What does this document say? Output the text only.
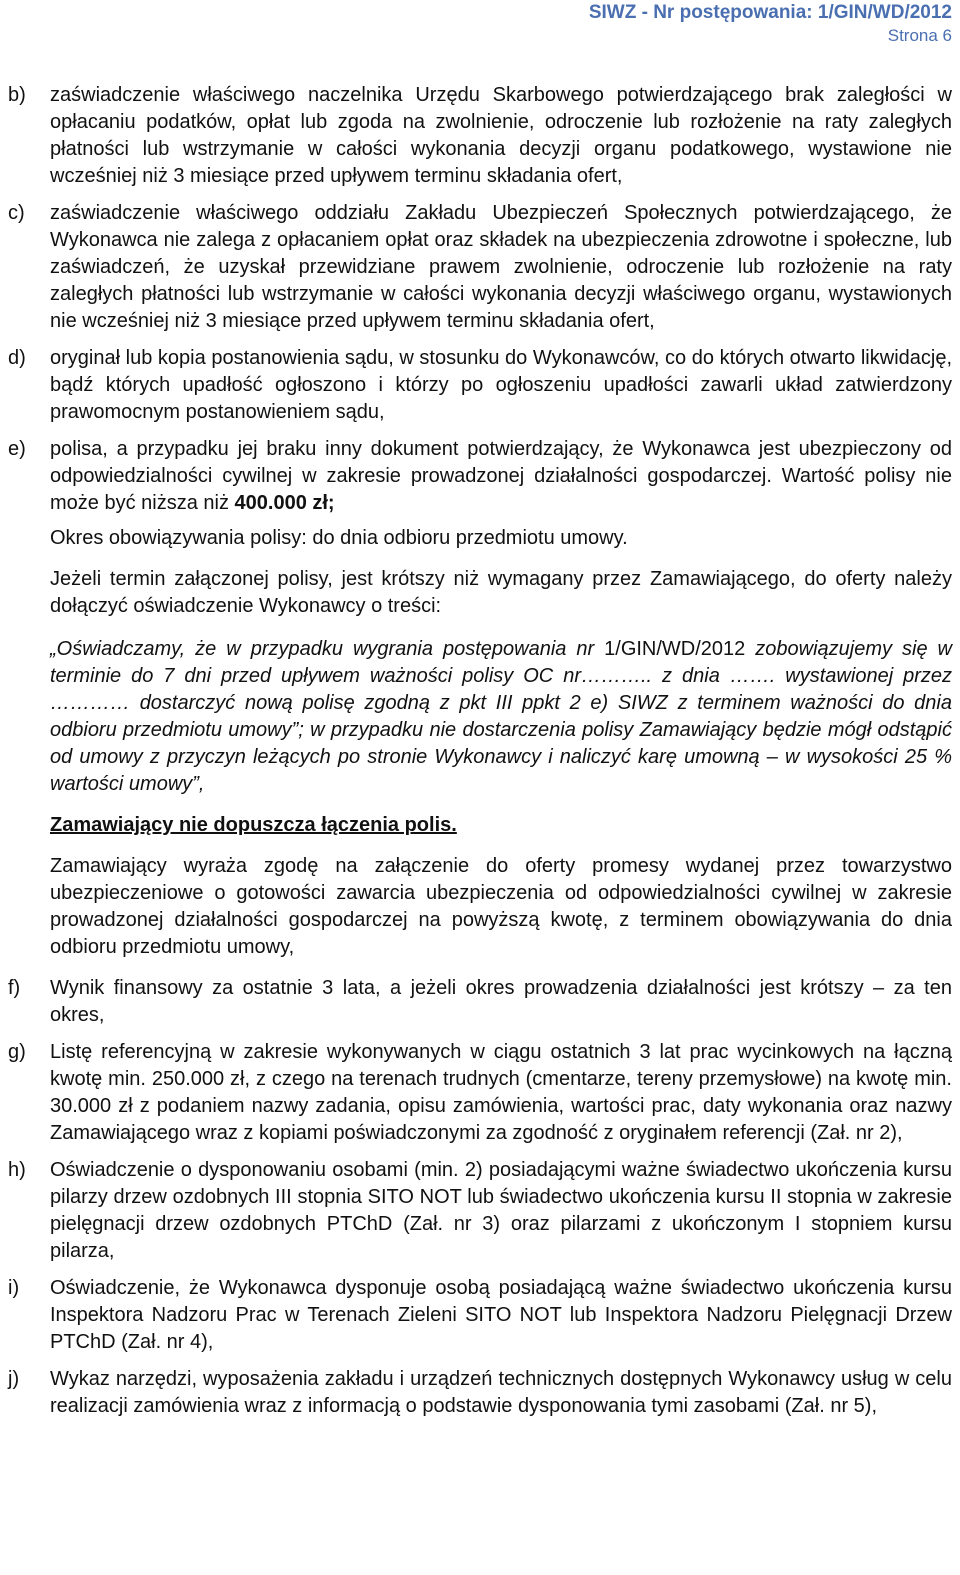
SIWZ - Nr postępowania: 1/GIN/WD/2012
Strona 6
b)	zaświadczenie właściwego naczelnika Urzędu Skarbowego potwierdzającego brak zaległości w opłacaniu podatków, opłat lub zgoda na zwolnienie, odroczenie lub rozłożenie na raty zaległych płatności lub wstrzymanie w całości wykonania decyzji organu podatkowego, wystawione nie wcześniej niż 3 miesiące przed upływem terminu składania ofert,
c)	zaświadczenie właściwego oddziału Zakładu Ubezpieczeń Społecznych potwierdzającego, że Wykonawca nie zalega z opłacaniem opłat oraz składek na ubezpieczenia zdrowotne i społeczne, lub zaświadczeń, że uzyskał przewidziane prawem zwolnienie, odroczenie lub rozłożenie na raty zaległych płatności lub wstrzymanie w całości wykonania decyzji właściwego organu, wystawionych nie wcześniej niż 3 miesiące przed upływem terminu składania ofert,
d)	oryginał lub kopia postanowienia sądu, w stosunku do Wykonawców, co do których otwarto likwidację, bądź których upadłość ogłoszono i którzy po ogłoszeniu upadłości zawarli układ zatwierdzony prawomocnym postanowieniem sądu,
e)	polisa, a przypadku jej braku inny dokument potwierdzający, że Wykonawca jest ubezpieczony od odpowiedzialności cywilnej w zakresie prowadzonej działalności gospodarczej. Wartość polisy nie może być niższa niż 400.000 zł;
Okres obowiązywania polisy: do dnia odbioru przedmiotu umowy.
Jeżeli termin załączonej polisy, jest krótszy niż wymagany przez Zamawiającego, do oferty należy dołączyć oświadczenie Wykonawcy o treści:
„Oświadczamy, że w przypadku wygrania postępowania nr 1/GIN/WD/2012 zobowiązujemy się w terminie do 7 dni przed upływem ważności polisy OC nr……….. z dnia ……. wystawionej przez ………… dostarczyć nową polisę zgodną z pkt III ppkt 2 e) SIWZ z terminem ważności do dnia odbioru przedmiotu umowy”; w przypadku nie dostarczenia polisy Zamawiający będzie mógł odstąpić od umowy z przyczyn leżących po stronie Wykonawcy i naliczyć karę umowną – w wysokości 25 % wartości umowy”,
Zamawiający nie dopuszcza łączenia polis.
Zamawiający wyraża zgodę na załączenie do oferty promesy wydanej przez towarzystwo ubezpieczeniowe o gotowości zawarcia ubezpieczenia od odpowiedzialności cywilnej w zakresie prowadzonej działalności gospodarczej na powyższą kwotę, z terminem obowiązywania do dnia odbioru przedmiotu umowy,
f)	Wynik finansowy za ostatnie 3 lata, a jeżeli okres prowadzenia działalności jest krótszy – za ten okres,
g)	Listę referencyjną w zakresie wykonywanych w ciągu ostatnich 3 lat prac wycinkowych na łączną kwotę min. 250.000 zł, z czego na terenach trudnych (cmentarze, tereny przemysłowe) na kwotę min. 30.000 zł z podaniem nazwy zadania, opisu zamówienia, wartości prac, daty wykonania oraz nazwy Zamawiającego wraz z kopiami poświadczonymi za zgodność z oryginałem referencji (Zał. nr 2),
h)	Oświadczenie o dysponowaniu osobami (min. 2) posiadającymi ważne świadectwo ukończenia kursu pilarzy drzew ozdobnych III stopnia SITO NOT lub świadectwo ukończenia kursu II stopnia w zakresie pielęgnacji drzew ozdobnych PTChD (Zał. nr 3) oraz pilarzami z ukończonym I stopniem kursu pilarza,
i)	Oświadczenie, że Wykonawca dysponuje osobą posiadającą ważne świadectwo ukończenia kursu Inspektora Nadzoru Prac w Terenach Zieleni SITO NOT lub Inspektora Nadzoru Pielęgnacji Drzew PTChD (Zał. nr 4),
j)	Wykaz narzędzi, wyposażenia zakładu i urządzeń technicznych dostępnych Wykonawcy usług w celu realizacji zamówienia wraz z informacją o podstawie dysponowania tymi zasobami (Zał. nr 5),
